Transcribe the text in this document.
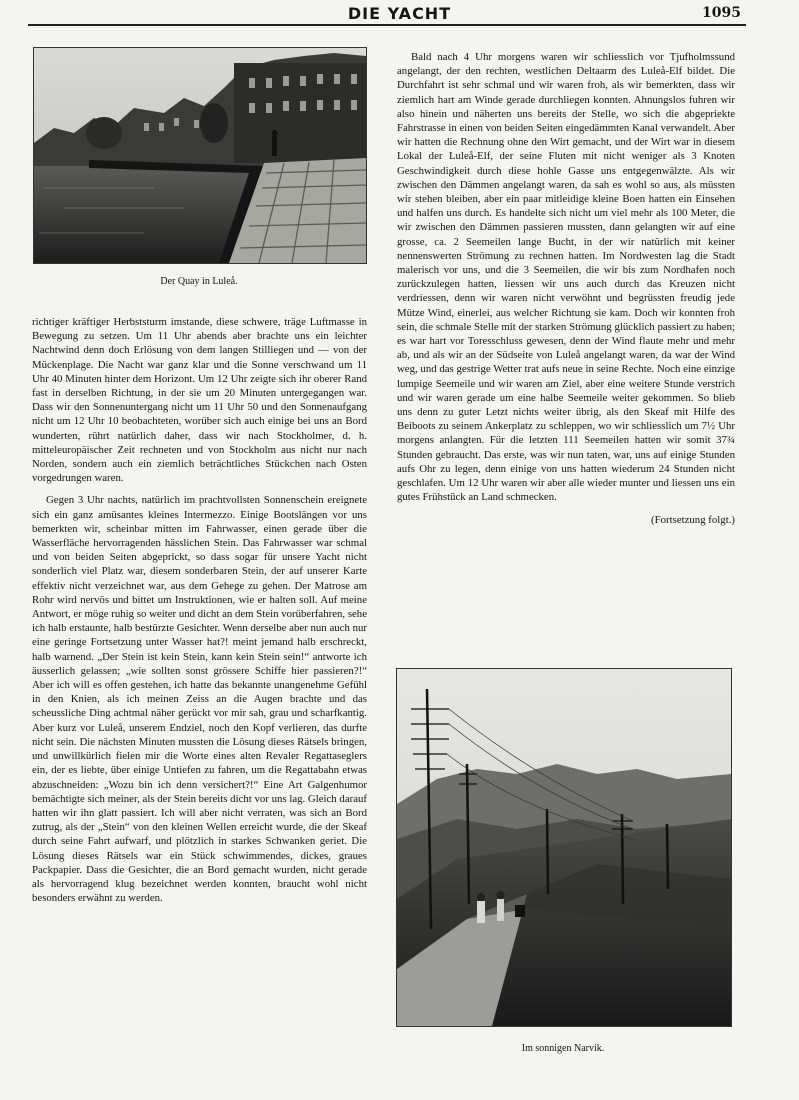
DIE YACHT	1095
Der Quay in Luleå.

richtiger kräftiger Herbststurm imstande, diese schwere, träge Luftmasse in Bewegung zu setzen. Um 11 Uhr abends aber brachte uns ein leichter Nachtwind denn doch Erlösung von dem langen Stilliegen und — von der Mückenplage. Die Nacht war ganz klar und die Sonne verschwand um 11 Uhr 40 Minuten hinter dem Horizont. Um 12 Uhr zeigte sich ihr oberer Rand fast in derselben Richtung, in der sie um 20 Minuten untergegangen war. Dass wir den Sonnenuntergang nicht um 11 Uhr 50 und den Sonnenaufgang nicht um 12 Uhr 10 beobachteten, worüber sich auch einige bei uns an Bord wunderten, rührt natürlich daher, dass wir nach Stockholmer, d. h. mitteleuropäischer Zeit rechneten und von Stockholm aus nicht nur nach Norden, sondern auch ein ziemlich beträchtliches Stückchen nach Osten vorgedrungen waren.

Gegen 3 Uhr nachts, natürlich im prachtvollsten Sonnenschein ereignete sich ein ganz amüsantes kleines Intermezzo. Einige Bootslängen vor uns bemerkten wir, scheinbar mitten im Fahrwasser, einen gerade über die Wasserfläche hervorragenden hässlichen Stein. Das Fahrwasser war schmal und von beiden Seiten abgeprickt, so dass sogar für unsere Yacht nicht sonderlich viel Platz war, diesem sonderbaren Stein, der auf unserer Karte effektiv nicht verzeichnet war, aus dem Gehege zu gehen. Der Matrose am Rohr wird nervös und bittet um Instruktionen, wie er halten soll. Auf meine Antwort, er möge ruhig so weiter und dicht an dem Stein vorüberfahren, sehe ich halb erstaunte, halb bestürzte Gesichter. Wenn derselbe aber nun auch nur eine geringe Fortsetzung unter Wasser hat?! meint jemand halb erschreckt, halb warnend. „Der Stein ist kein Stein, kann kein Stein sein!“ antworte ich äusserlich gelassen; „wie sollten sonst grössere Schiffe hier passieren?!“ Aber ich will es offen gestehen, ich hatte das bekannte unangenehme Gefühl in den Knien, als ich meinen Zeiss an die Augen brachte und das scheussliche Ding achtmal näher gerückt vor mir sah, grau und scharfkantig. Aber kurz vor Luleå, unserem Endziel, noch den Kopf verlieren, das durfte nicht sein. Die nächsten Minuten mussten die Lösung dieses Rätsels bringen, und unwillkürlich fielen mir die Worte eines alten Revaler Regattaseglers ein, der es liebte, über einige Untiefen zu fahren, um die Regattabahn etwas abzuschneiden: „Wozu bin ich denn versichert?!“ Eine Art Galgenhumor bemächtigte sich meiner, als der Stein bereits dicht vor uns lag. Gleich darauf hatten wir ihn glatt passiert. Ich will aber nicht verraten, was sich an Bord zutrug, als der „Stein“ von den kleinen Wellen erreicht wurde, die der Skeaf durch seine Fahrt aufwarf, und plötzlich in starkes Schwanken geriet. Die Lösung dieses Rätsels war ein Stück schwimmendes, dickes, graues Packpapier. Dass die Gesichter, die an Bord gemacht wurden, nicht gerade als hervorragend klug bezeichnet werden konnten, braucht wohl nicht besonders erwähnt zu werden.

Bald nach 4 Uhr morgens waren wir schliesslich vor Tjufholmssund angelangt, der den rechten, westlichen Deltaarm des Luleå-Elf bildet. Die Durchfahrt ist sehr schmal und wir waren froh, als wir bemerkten, dass wir ziemlich hart am Winde gerade durchliegen konnten. Ahnungslos fuhren wir also hinein und näherten uns bereits der Stelle, wo sich die abgepriekte Fahrstrasse in einen von beiden Seiten eingedämmten Kanal verwandelt. Aber wir hatten die Rechnung ohne den Wirt gemacht, und der Wirt war in diesem Lokal der Luleå-Elf, der seine Fluten mit nicht weniger als 3 Knoten Geschwindigkeit durch diese hohle Gasse uns entgegenwälzte. Als wir zwischen den Dämmen angelangt waren, da sah es wohl so aus, als müssten wir stehen bleiben, aber ein paar mitleidige kleine Boen hatten ein Einsehen und halfen uns durch. Es handelte sich nicht um viel mehr als 100 Meter, die wir zwischen den Dämmen passieren mussten, dann gelangten wir auf eine grosse, ca. 2 Seemeilen lange Bucht, in der wir natürlich mit keiner nennenswerten Strömung zu rechnen hatten. Im Nordwesten lag die Stadt malerisch vor uns, und die 3 Seemeilen, die wir bis zum Nordhafen noch zurückzulegen hatten, liessen wir uns auch durch das Kreuzen nicht verdriessen, denn wir waren nicht verwöhnt und begrüssten freudig jede Mütze Wind, einerlei, aus welcher Richtung sie kam. Doch wir konnten froh sein, die schmale Stelle mit der starken Strömung glücklich passiert zu haben; es war hart vor Toresschluss gewesen, denn der Wind flaute mehr und mehr ab, und als wir an der Südseite von Luleå angelangt waren, da war der Wind weg, und das gestrige Wetter trat aufs neue in seine Rechte. Noch eine einzige lumpige Seemeile und wir waren am Ziel, aber eine weitere Stunde verstrich und wir waren gerade um eine halbe Seemeile weiter gekommen. So blieb uns denn zu guter Letzt nichts weiter übrig, als den Skeaf mit Hilfe des Beiboots zu seinem Ankerplatz zu schleppen, wo wir schliesslich um 7½ Uhr morgens anlangten. Für die letzten 111 Seemeilen hatten wir somit 37¾ Stunden gebraucht. Das erste, was wir nun taten, war, uns auf einige Stunden aufs Ohr zu legen, denn einige von uns hatten wiederum 24 Stunden nicht geschlafen. Um 12 Uhr waren wir aber alle wieder munter und liessen uns ein gutes Frühstück an Land schmecken.

(Fortsetzung folgt.)

Im sonnigen Narvik.
